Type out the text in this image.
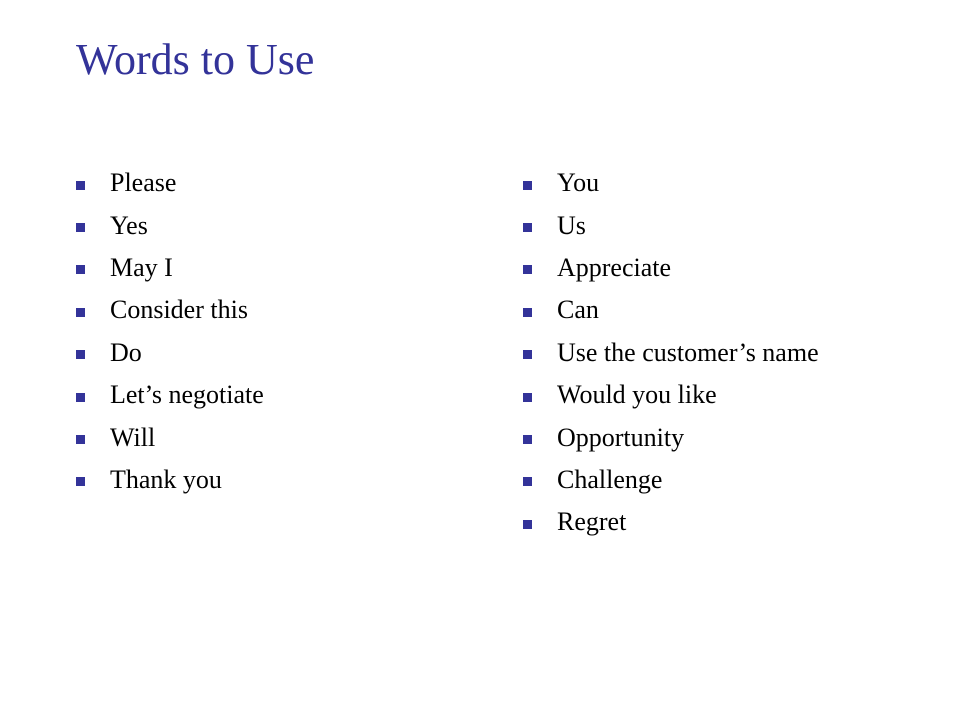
Words to Use
Please
Yes
May I
Consider this
Do
Let’s negotiate
Will
Thank you
You
Us
Appreciate
Can
Use the customer’s name
Would you like
Opportunity
Challenge
Regret
